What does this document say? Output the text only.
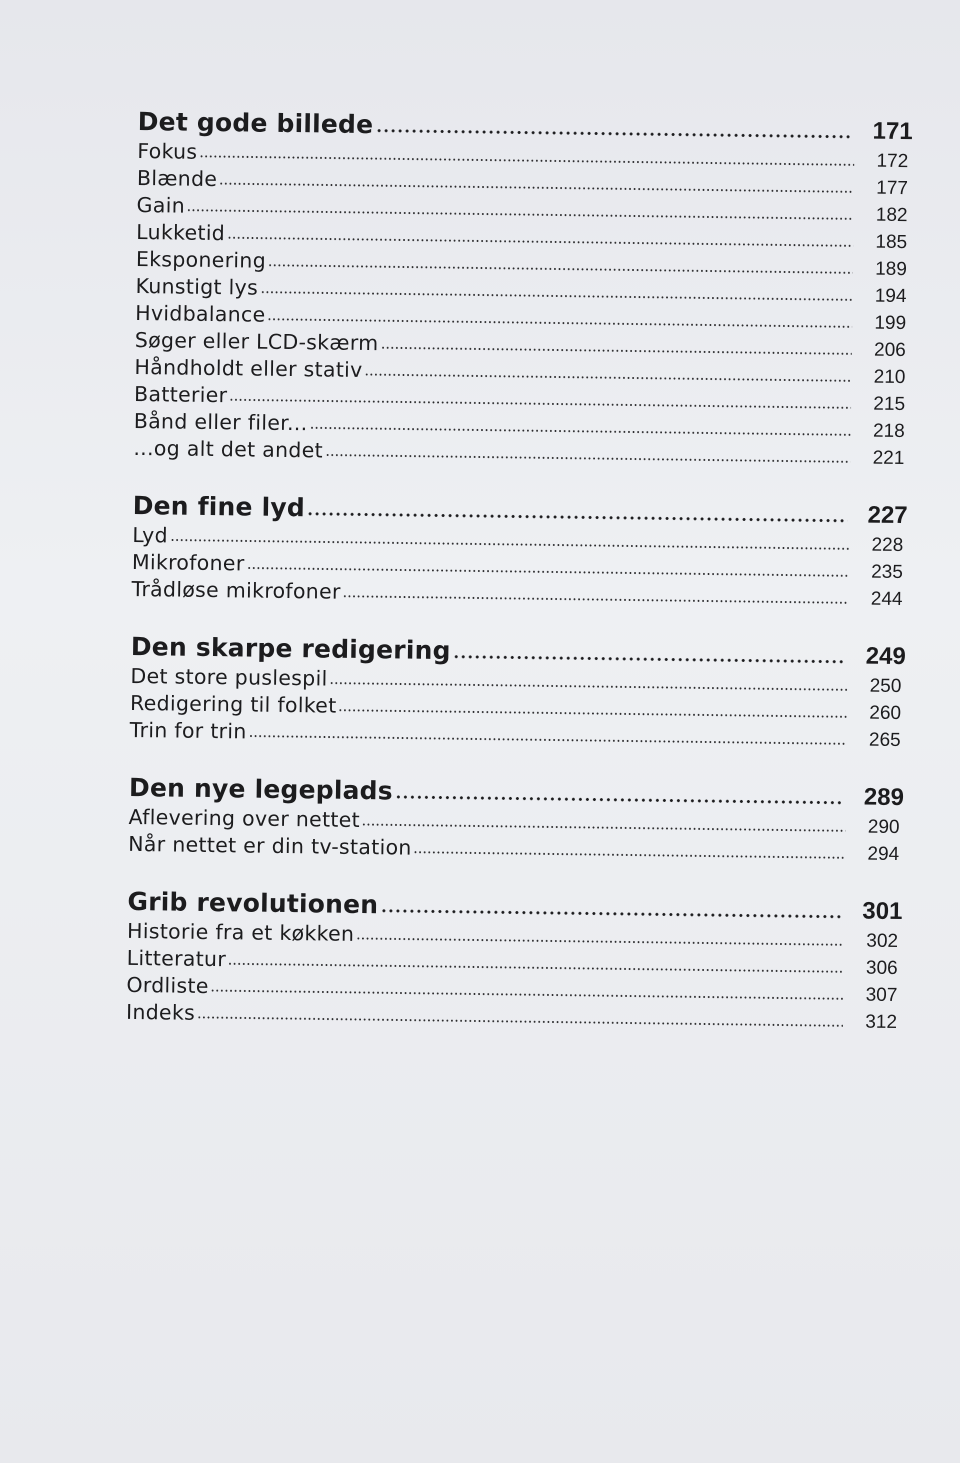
Det gode billede	171
Fokus	172
Blænde	177
Gain	182
Lukketid	185
Eksponering	189
Kunstigt lys	194
Hvidbalance	199
Søger eller LCD-skærm	206
Håndholdt eller stativ	210
Batterier	215
Bånd eller filer...	218
...og alt det andet	221
Den fine lyd	227
Lyd	228
Mikrofoner	235
Trådløse mikrofoner	244
Den skarpe redigering	249
Det store puslespil	250
Redigering til folket	260
Trin for trin	265
Den nye legeplads	289
Aflevering over nettet	290
Når nettet er din tv-station	294
Grib revolutionen	301
Historie fra et køkken	302
Litteratur	306
Ordliste	307
Indeks	312
